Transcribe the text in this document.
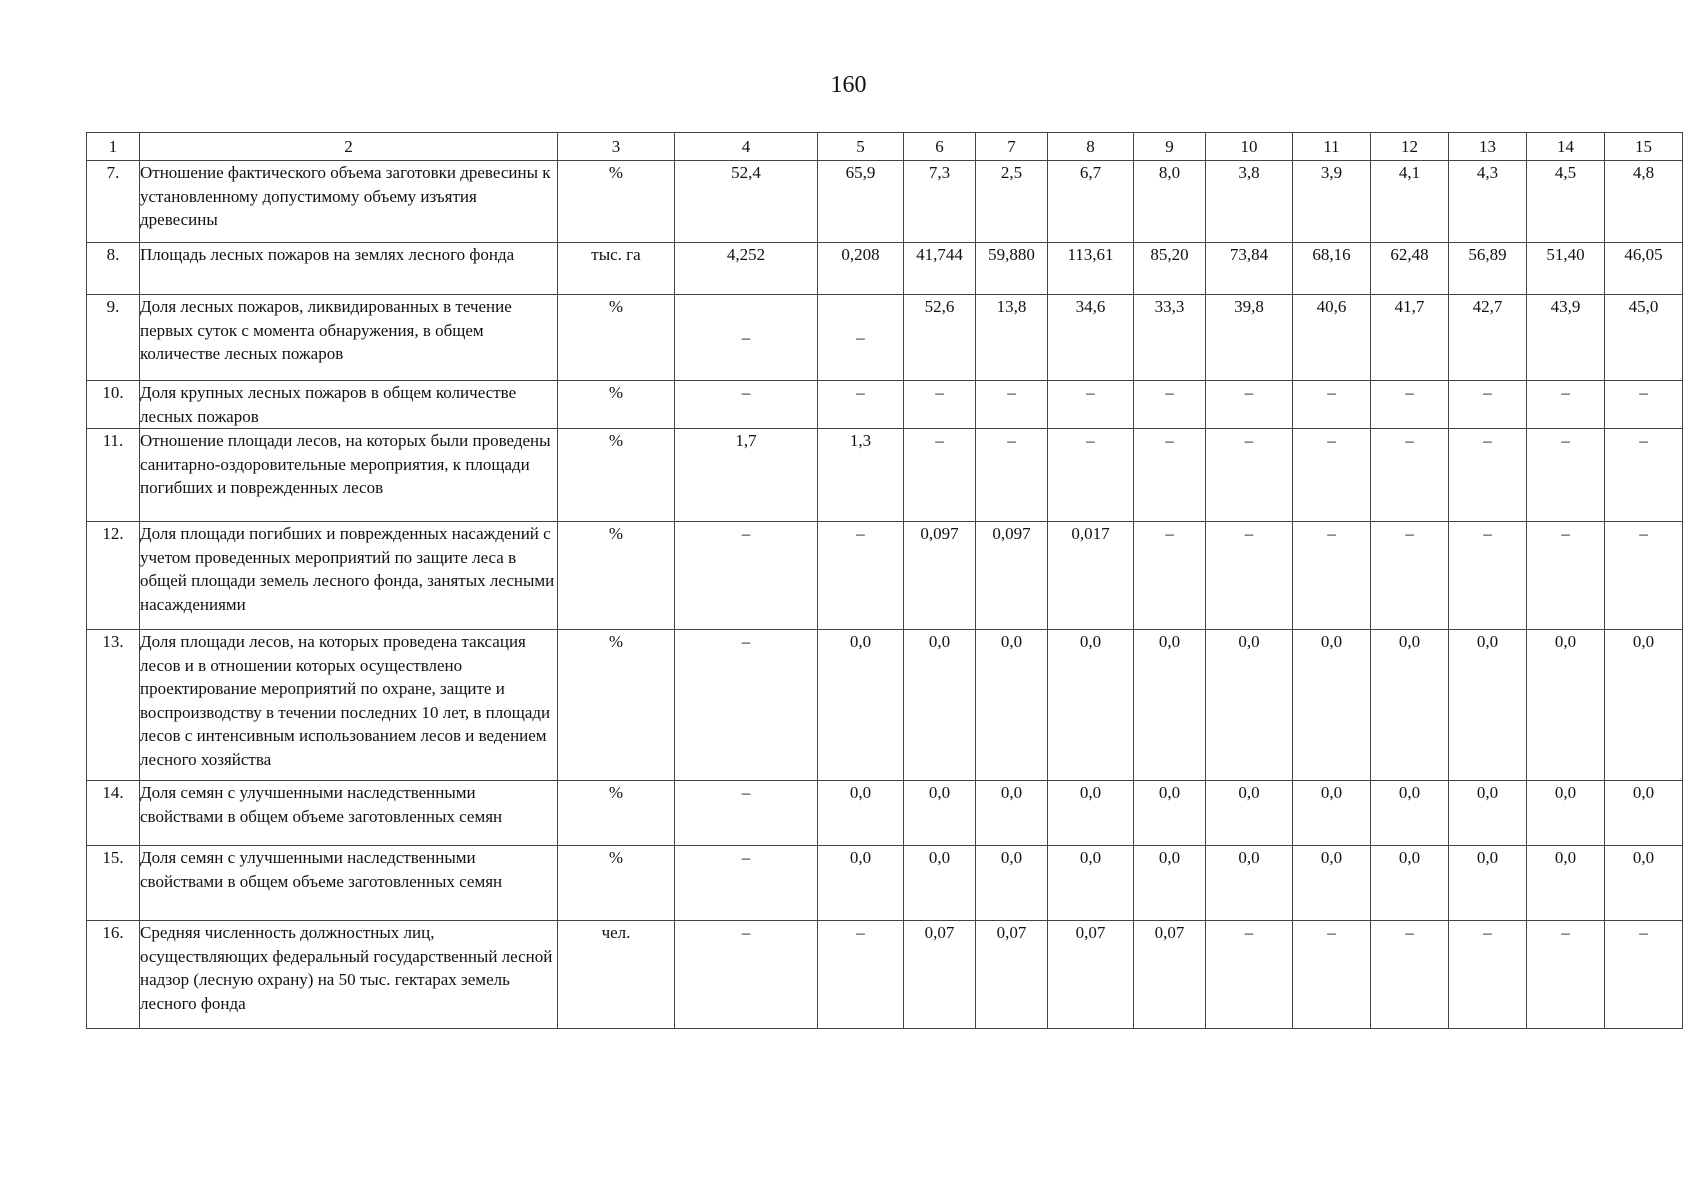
160
1	2	3	4	5	6	7	8	9	10	11	12	13	14	15
7.	Отношение фактического объема заготовки древесины к установленному допустимому объему изъятия древесины	%	52,4	65,9	7,3	2,5	6,7	8,0	3,8	3,9	4,1	4,3	4,5	4,8
8.	Площадь лесных пожаров на землях лесного фонда	тыс. га	4,252	0,208	41,744	59,880	113,61	85,20	73,84	68,16	62,48	56,89	51,40	46,05
9.	Доля лесных пожаров, ликвидированных в течение первых суток с момента обнаружения, в общем количестве лесных пожаров	%	–	–	52,6	13,8	34,6	33,3	39,8	40,6	41,7	42,7	43,9	45,0
10.	Доля крупных лесных пожаров в общем количестве лесных пожаров	%	–	–	–	–	–	–	–	–	–	–	–	–
11.	Отношение площади лесов, на которых были проведены санитарно-оздоровительные мероприятия, к площади погибших и поврежденных лесов	%	1,7	1,3	–	–	–	–	–	–	–	–	–	–
12.	Доля площади погибших и поврежденных насаждений с учетом проведенных мероприятий по защите леса в общей площади земель лесного фонда, занятых лесными насаждениями	%	–	–	0,097	0,097	0,017	–	–	–	–	–	–	–
13.	Доля площади лесов, на которых проведена таксация лесов и в отношении которых осуществлено проектирование мероприятий по охране, защите и воспроизводству в течении последних 10 лет, в площади лесов с интенсивным использованием лесов и ведением лесного хозяйства	%	–	0,0	0,0	0,0	0,0	0,0	0,0	0,0	0,0	0,0	0,0	0,0
14.	Доля семян с улучшенными наследственными свойствами в общем объеме заготовленных семян	%	–	0,0	0,0	0,0	0,0	0,0	0,0	0,0	0,0	0,0	0,0	0,0
15.	Доля семян с улучшенными наследственными свойствами в общем объеме заготовленных семян	%	–	0,0	0,0	0,0	0,0	0,0	0,0	0,0	0,0	0,0	0,0	0,0
16.	Средняя численность должностных лиц, осуществляющих федеральный государственный лесной надзор (лесную охрану) на 50 тыс. гектарах земель лесного фонда	чел.	–	–	0,07	0,07	0,07	0,07	–	–	–	–	–	–
